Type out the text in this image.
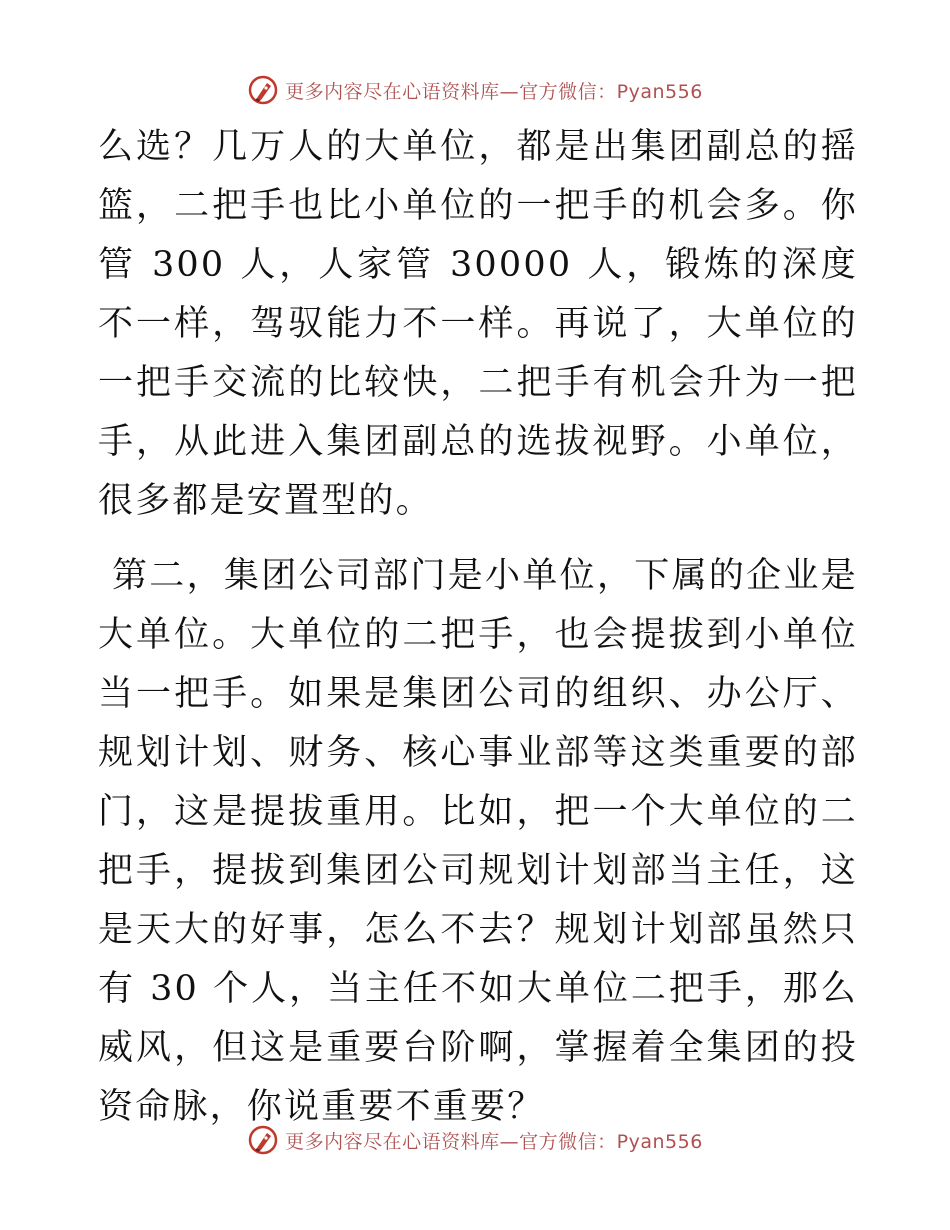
更多内容尽在心语资料库—官方微信：Pyan556

么选？几万人的大单位，都是出集团副总的摇篮，二把手也比小单位的一把手的机会多。你管 300 人，人家管 30000 人，锻炼的深度不一样，驾驭能力不一样。再说了，大单位的一把手交流的比较快，二把手有机会升为一把手，从此进入集团副总的选拔视野。小单位，很多都是安置型的。

第二，集团公司部门是小单位，下属的企业是大单位。大单位的二把手，也会提拔到小单位当一把手。如果是集团公司的组织、办公厅、规划计划、财务、核心事业部等这类重要的部门，这是提拔重用。比如，把一个大单位的二把手，提拔到集团公司规划计划部当主任，这是天大的好事，怎么不去？规划计划部虽然只有 30 个人，当主任不如大单位二把手，那么威风，但这是重要台阶啊，掌握着全集团的投资命脉，你说重要不重要？

更多内容尽在心语资料库—官方微信：Pyan556
